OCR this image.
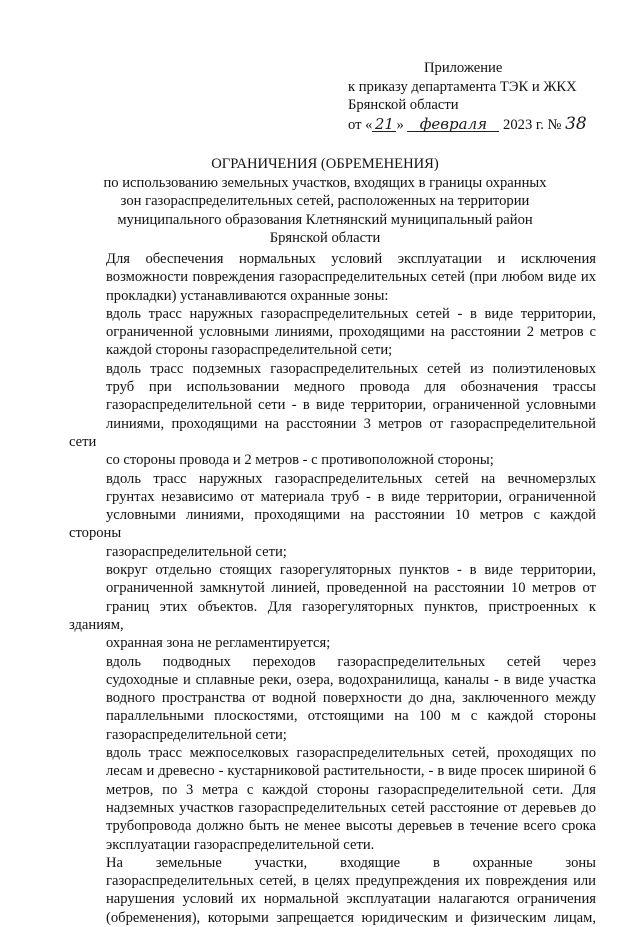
Приложение
к приказу департамента ТЭК и ЖКХ
Брянской области
от « 21 » февраля 2023 г. № 38
ОГРАНИЧЕНИЯ (ОБРЕМЕНЕНИЯ)
по использованию земельных участков, входящих в границы охранных
зон газораспределительных сетей, расположенных на территории
муниципального образования Клетнянский муниципальный район
Брянской области

Для обеспечения нормальных условий эксплуатации и исключения
возможности повреждения газораспределительных сетей (при любом виде их
прокладки) устанавливаются охранные зоны:

вдоль трасс наружных газораспределительных сетей - в виде территории,
ограниченной условными линиями, проходящими на расстоянии 2 метров с
каждой стороны газораспределительной сети;

вдоль трасс подземных газораспределительных сетей из полиэтиленовых
труб при использовании медного провода для обозначения трассы
газораспределительной сети - в виде территории, ограниченной условными
линиями, проходящими на расстоянии 3 метров от газораспределительной сети
со стороны провода и 2 метров - с противоположной стороны;

вдоль трасс наружных газораспределительных сетей на вечномерзлых
грунтах независимо от материала труб - в виде территории, ограниченной
условными линиями, проходящими на расстоянии 10 метров с каждой стороны
газораспределительной сети;

вокруг отдельно стоящих газорегуляторных пунктов - в виде территории,
ограниченной замкнутой линией, проведенной на расстоянии 10 метров от
границ этих объектов. Для газорегуляторных пунктов, пристроенных к зданиям,
охранная зона не регламентируется;

вдоль подводных переходов газораспределительных сетей через
судоходные и сплавные реки, озера, водохранилища, каналы - в виде участка
водного пространства от водной поверхности до дна, заключенного между
параллельными плоскостями, отстоящими на 100 м с каждой стороны
газораспределительной сети;

вдоль трасс межпоселковых газораспределительных сетей, проходящих по
лесам и древесно - кустарниковой растительности, - в виде просек шириной 6
метров, по 3 метра с каждой стороны газораспределительной сети. Для
надземных участков газораспределительных сетей расстояние от деревьев до
трубопровода должно быть не менее высоты деревьев в течение всего срока
эксплуатации газораспределительной сети.

На земельные участки, входящие в охранные зоны
газораспределительных сетей, в целях предупреждения их повреждения или
нарушения условий их нормальной эксплуатации налагаются ограничения
(обременения), которыми запрещается юридическим и физическим лицам,
